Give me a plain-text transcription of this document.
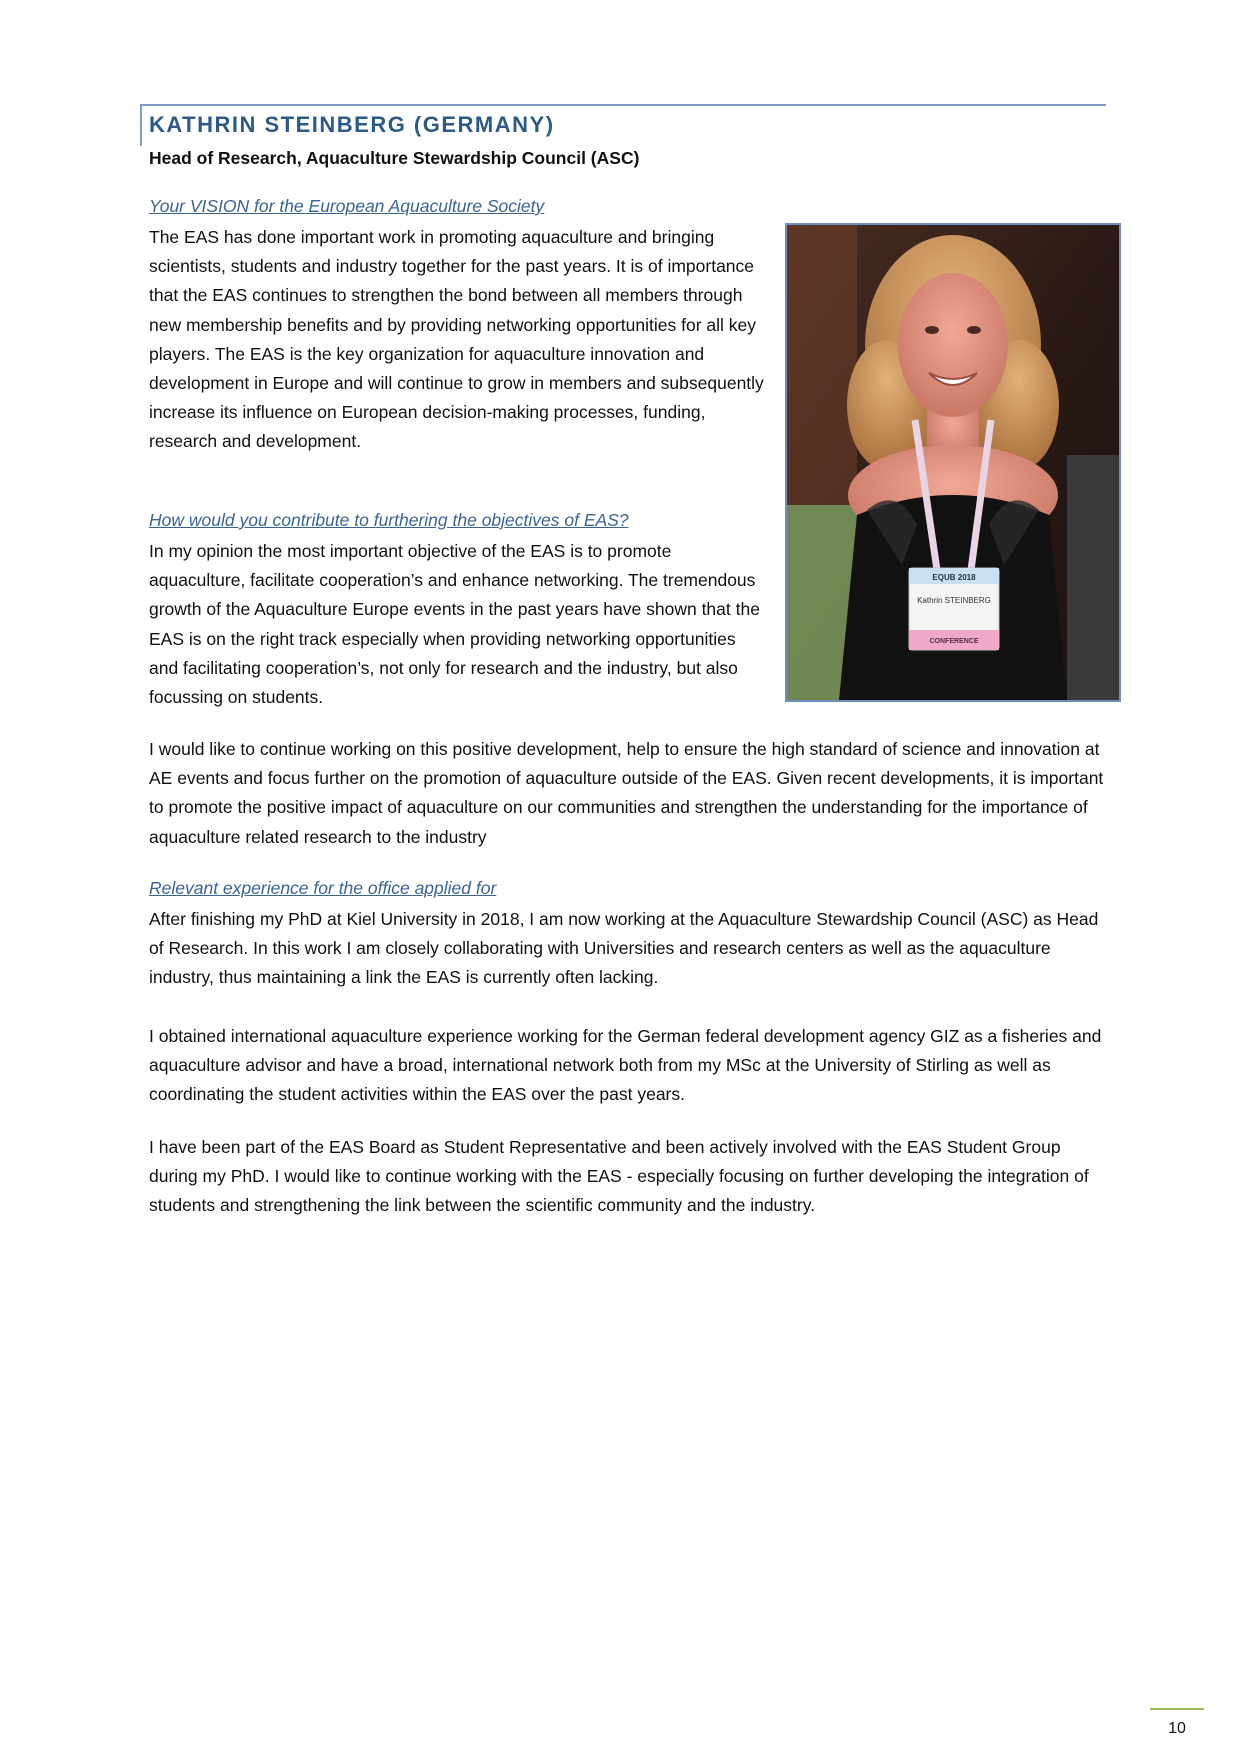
KATHRIN STEINBERG (GERMANY)

Head of Research, Aquaculture Stewardship Council (ASC)

Your VISION for the European Aquaculture Society

The EAS has done important work in promoting aquaculture and bringing scientists, students and industry together for the past years. It is of importance that the EAS continues to strengthen the bond between all members through new membership benefits and by providing networking opportunities for all key players. The EAS is the key organization for aquaculture innovation and development in Europe and will continue to grow in members and subsequently increase its influence on European decision-making processes, funding, research and development.

How would you contribute to furthering the objectives of EAS?

In my opinion the most important objective of the EAS is to promote aquaculture, facilitate cooperation’s and enhance networking. The tremendous growth of the Aquaculture Europe events in the past years have shown that the EAS is on the right track especially when providing networking opportunities and facilitating cooperation’s, not only for research and the industry, but also focussing on students.

I would like to continue working on this positive development, help to ensure the high standard of science and innovation at AE events and focus further on the promotion of aquaculture outside of the EAS. Given recent developments, it is important to promote the positive impact of aquaculture on our communities and strengthen the understanding for the importance of aquaculture related research to the industry

Relevant experience for the office applied for

After finishing my PhD at Kiel University in 2018, I am now working at the Aquaculture Stewardship Council (ASC) as Head of Research. In this work I am closely collaborating with Universities and research centers as well as the aquaculture industry, thus maintaining a link the EAS is currently often lacking.

I obtained international aquaculture experience working for the German federal development agency GIZ as a fisheries and aquaculture advisor and have a broad, international network both from my MSc at the University of Stirling as well as coordinating the student activities within the EAS over the past years.

I have been part of the EAS Board as Student Representative and been actively involved with the EAS Student Group during my PhD. I would like to continue working with the EAS - especially focusing on further developing the integration of students and strengthening the link between the scientific community and the industry.

EQUB 2018
Kathrin STEINBERG
CONFERENCE

10
